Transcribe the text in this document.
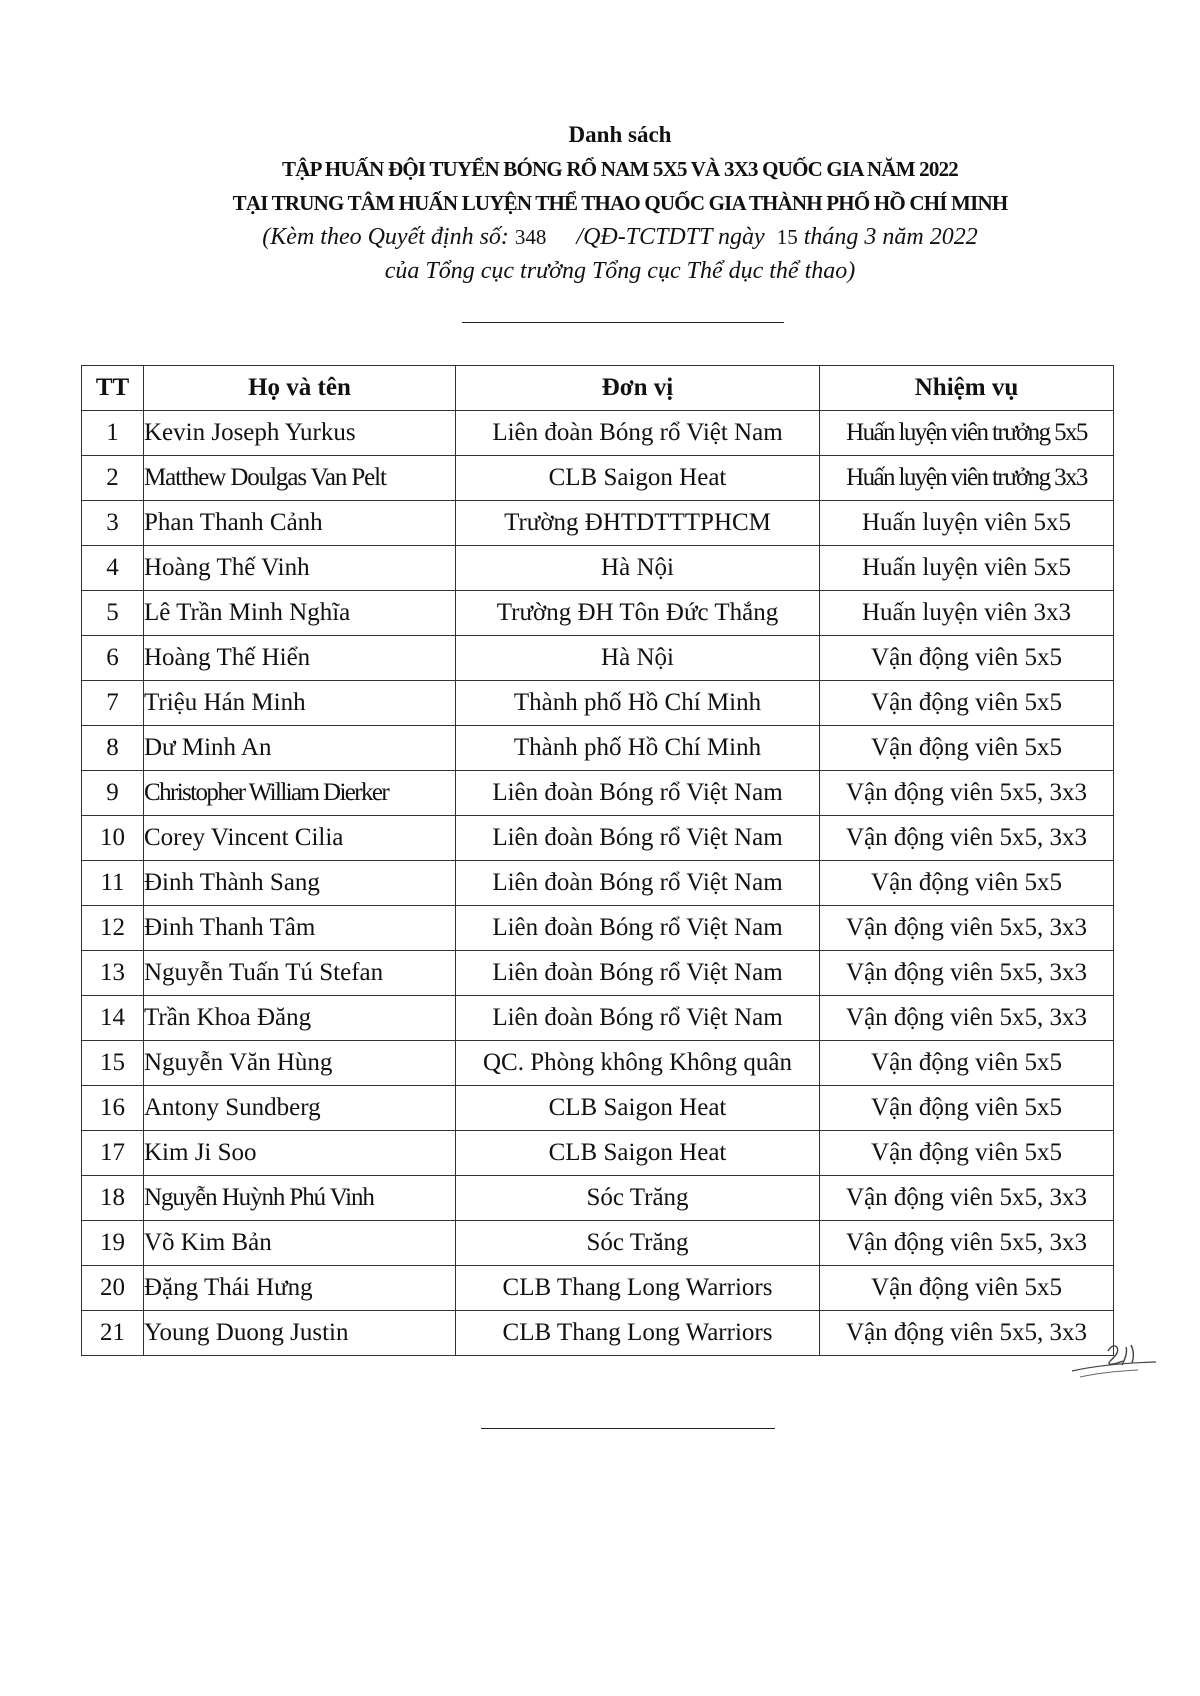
Danh sách
TẬP HUẤN ĐỘI TUYỂN BÓNG RỔ NAM 5X5 VÀ 3X3 QUỐC GIA NĂM 2022
TẠI TRUNG TÂM HUẤN LUYỆN THỂ THAO QUỐC GIA THÀNH PHỐ HỒ CHÍ MINH
(Kèm theo Quyết định số: 348 /QĐ-TCTDTT ngày 15 tháng 3 năm 2022
của Tổng cục trưởng Tổng cục Thể dục thể thao)
TT	Họ và tên	Đơn vị	Nhiệm vụ
1	Kevin Joseph Yurkus	Liên đoàn Bóng rổ Việt Nam	Huấn luyện viên trưởng 5x5
2	Matthew Doulgas Van Pelt	CLB Saigon Heat	Huấn luyện viên trưởng 3x3
3	Phan Thanh Cảnh	Trường ĐHTDTTTPHCM	Huấn luyện viên 5x5
4	Hoàng Thế Vinh	Hà Nội	Huấn luyện viên 5x5
5	Lê Trần Minh Nghĩa	Trường ĐH Tôn Đức Thắng	Huấn luyện viên 3x3
6	Hoàng Thế Hiển	Hà Nội	Vận động viên 5x5
7	Triệu Hán Minh	Thành phố Hồ Chí Minh	Vận động viên 5x5
8	Dư Minh An	Thành phố Hồ Chí Minh	Vận động viên 5x5
9	Christopher William Dierker	Liên đoàn Bóng rổ Việt Nam	Vận động viên 5x5, 3x3
10	Corey Vincent Cilia	Liên đoàn Bóng rổ Việt Nam	Vận động viên 5x5, 3x3
11	Đinh Thành Sang	Liên đoàn Bóng rổ Việt Nam	Vận động viên 5x5
12	Đinh Thanh Tâm	Liên đoàn Bóng rổ Việt Nam	Vận động viên 5x5, 3x3
13	Nguyễn Tuấn Tú Stefan	Liên đoàn Bóng rổ Việt Nam	Vận động viên 5x5, 3x3
14	Trần Khoa Đăng	Liên đoàn Bóng rổ Việt Nam	Vận động viên 5x5, 3x3
15	Nguyễn Văn Hùng	QC. Phòng không Không quân	Vận động viên 5x5
16	Antony Sundberg	CLB Saigon Heat	Vận động viên 5x5
17	Kim Ji Soo	CLB Saigon Heat	Vận động viên 5x5
18	Nguyễn Huỳnh Phú Vinh	Sóc Trăng	Vận động viên 5x5, 3x3
19	Võ Kim Bản	Sóc Trăng	Vận động viên 5x5, 3x3
20	Đặng Thái Hưng	CLB Thang Long Warriors	Vận động viên 5x5
21	Young Duong Justin	CLB Thang Long Warriors	Vận động viên 5x5, 3x3
